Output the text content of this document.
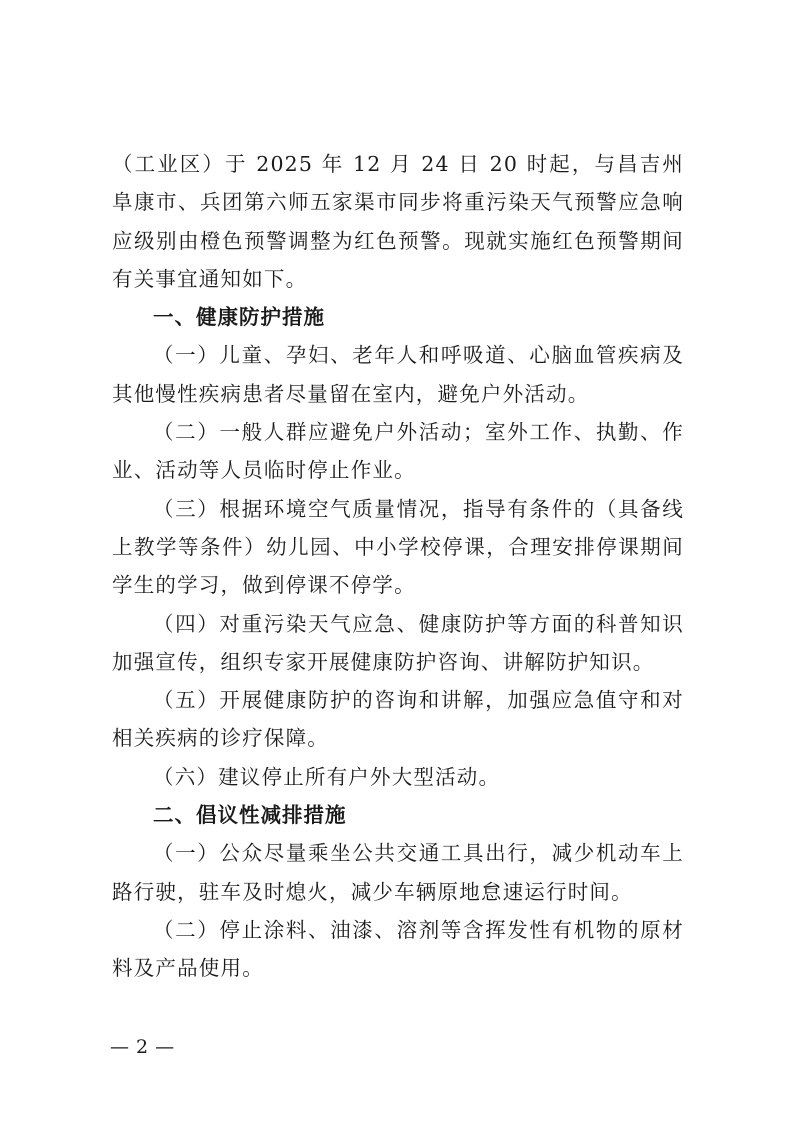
（工业区）于 2025 年 12 月 24 日 20 时起，与昌吉州阜康市、兵团第六师五家渠市同步将重污染天气预警应急响应级别由橙色预警调整为红色预警。现就实施红色预警期间有关事宜通知如下。

一、健康防护措施

（一）儿童、孕妇、老年人和呼吸道、心脑血管疾病及其他慢性疾病患者尽量留在室内，避免户外活动。

（二）一般人群应避免户外活动；室外工作、执勤、作业、活动等人员临时停止作业。

（三）根据环境空气质量情况，指导有条件的（具备线上教学等条件）幼儿园、中小学校停课，合理安排停课期间学生的学习，做到停课不停学。

（四）对重污染天气应急、健康防护等方面的科普知识加强宣传，组织专家开展健康防护咨询、讲解防护知识。

（五）开展健康防护的咨询和讲解，加强应急值守和对相关疾病的诊疗保障。

（六）建议停止所有户外大型活动。

二、倡议性减排措施

（一）公众尽量乘坐公共交通工具出行，减少机动车上路行驶，驻车及时熄火，减少车辆原地怠速运行时间。

（二）停止涂料、油漆、溶剂等含挥发性有机物的原材料及产品使用。

— 2 —
